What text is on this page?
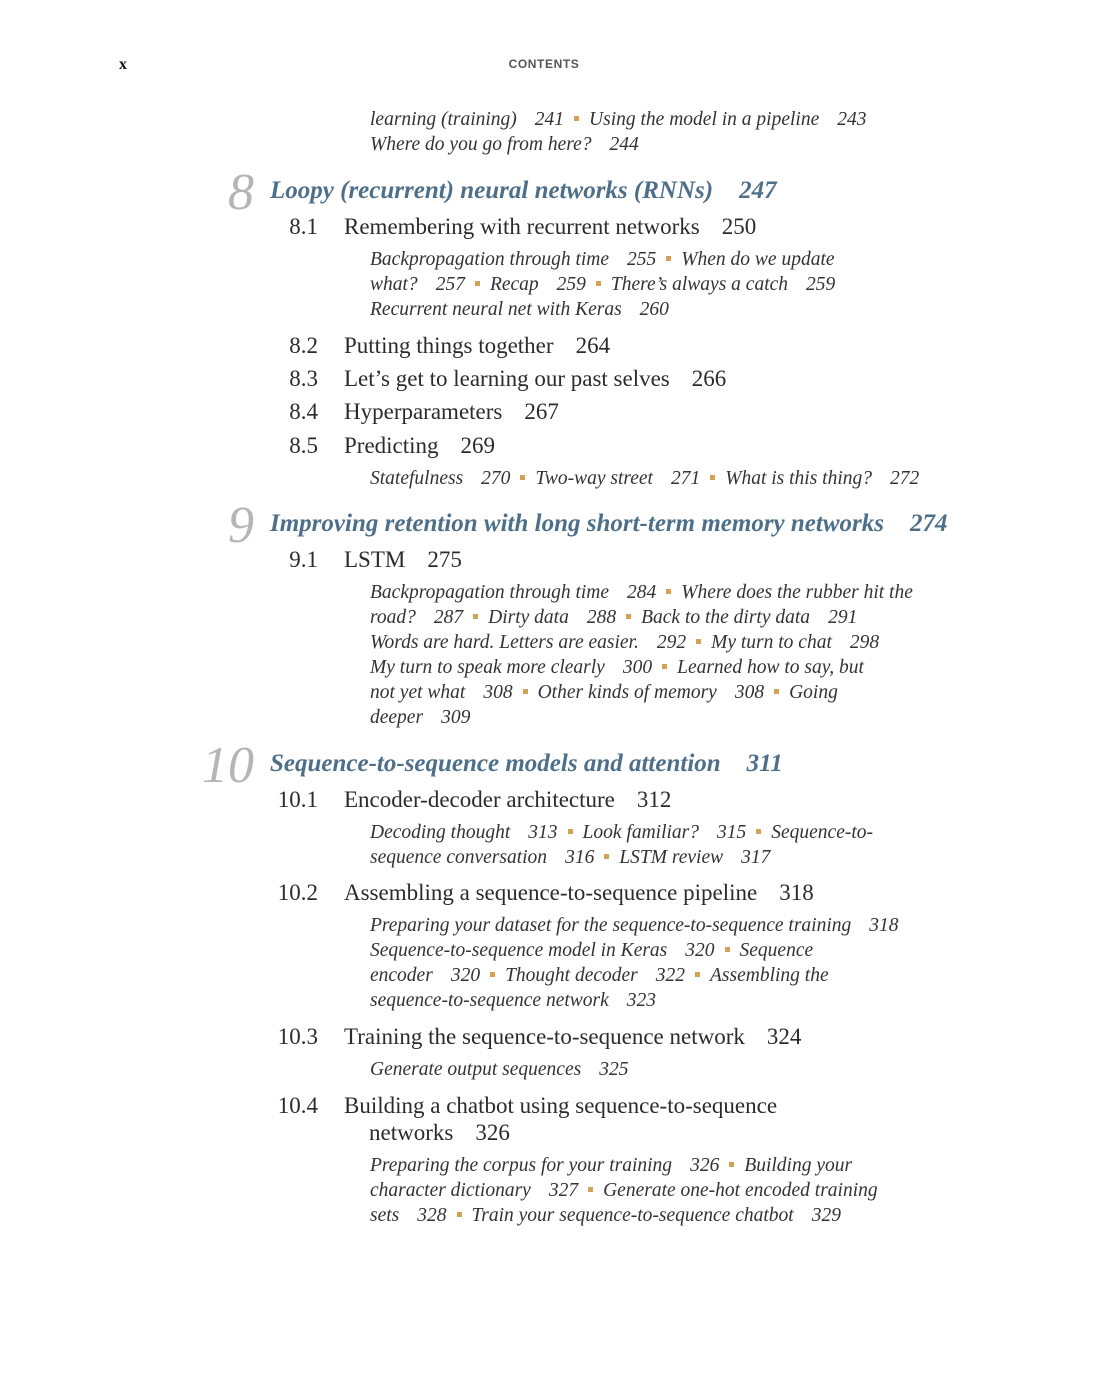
x	CONTENTS
learning (training) 241 Using the model in a pipeline 243
Where do you go from here? 244
8 Loopy (recurrent) neural networks (RNNs) 247
8.1 Remembering with recurrent networks 250
Backpropagation through time 255 When do we update
what? 257 Recap 259 There’s always a catch 259
Recurrent neural net with Keras 260
8.2 Putting things together 264
8.3 Let’s get to learning our past selves 266
8.4 Hyperparameters 267
8.5 Predicting 269
Statefulness 270 Two-way street 271 What is this thing? 272
9 Improving retention with long short-term memory networks 274
9.1 LSTM 275
Backpropagation through time 284 Where does the rubber hit the
road? 287 Dirty data 288 Back to the dirty data 291
Words are hard. Letters are easier. 292 My turn to chat 298
My turn to speak more clearly 300 Learned how to say, but
not yet what 308 Other kinds of memory 308 Going
deeper 309
10 Sequence-to-sequence models and attention 311
10.1 Encoder-decoder architecture 312
Decoding thought 313 Look familiar? 315 Sequence-to-
sequence conversation 316 LSTM review 317
10.2 Assembling a sequence-to-sequence pipeline 318
Preparing your dataset for the sequence-to-sequence training 318
Sequence-to-sequence model in Keras 320 Sequence
encoder 320 Thought decoder 322 Assembling the
sequence-to-sequence network 323
10.3 Training the sequence-to-sequence network 324
Generate output sequences 325
10.4 Building a chatbot using sequence-to-sequence
networks 326
Preparing the corpus for your training 326 Building your
character dictionary 327 Generate one-hot encoded training
sets 328 Train your sequence-to-sequence chatbot 329
